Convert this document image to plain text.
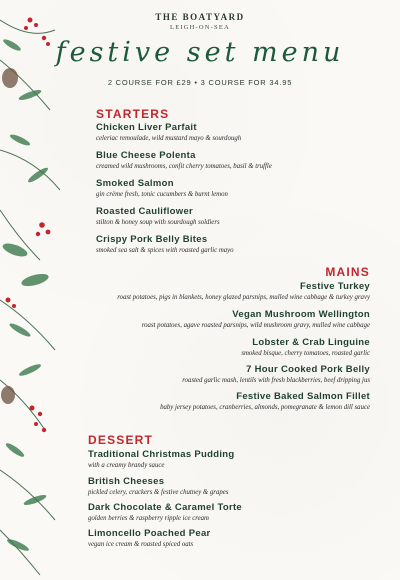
THE BOATYARD
LEIGH-ON-SEA
festive set menu
2 COURSE FOR £29 • 3 COURSE FOR 34.95
STARTERS
Chicken Liver Parfait
celeriac remoulade, wild mustard mayo & sourdough
Blue Cheese Polenta
creamed wild mushrooms, confit cherry tomatoes, basil & truffle
Smoked Salmon
gin crème fresh, tonic cucumbers & burnt lemon
Roasted Cauliflower
stilton & honey soup with sourdough soldiers
Crispy Pork Belly Bites
smoked sea salt & spices with roasted garlic mayo
MAINS
Festive Turkey
roast potatoes, pigs in blankets, honey glazed parsnips, mulled wine cabbage & turkey gravy
Vegan Mushroom Wellington
roast potatoes, agave roasted parsnips, wild mushroom gravy, mulled wine cabbage
Lobster & Crab Linguine
smoked bisque, cherry tomatoes, roasted garlic
7 Hour Cooked Pork Belly
roasted garlic mash, lentils with fresh blackberries, beef dripping jus
Festive Baked Salmon Fillet
baby jersey potatoes, cranberries, almonds, pomegranate & lemon dill sauce
DESSERT
Traditional Christmas Pudding
with a creamy brandy sauce
British Cheeses
pickled celery, crackers & festive chutney & grapes
Dark Chocolate & Caramel Torte
golden berries & raspberry ripple ice cream
Limoncello Poached Pear
vegan ice cream & roasted spiced oats
